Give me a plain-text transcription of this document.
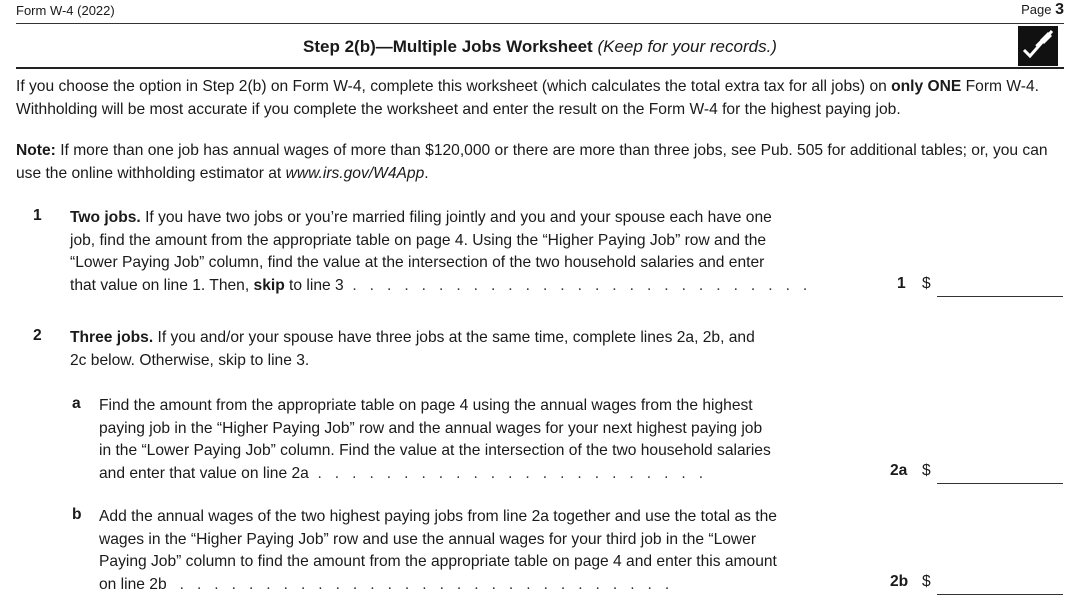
Form W-4 (2022)	Page 3
Step 2(b)—Multiple Jobs Worksheet (Keep for your records.)
If you choose the option in Step 2(b) on Form W-4, complete this worksheet (which calculates the total extra tax for all jobs) on only ONE Form W-4. Withholding will be most accurate if you complete the worksheet and enter the result on the Form W-4 for the highest paying job.
Note: If more than one job has annual wages of more than $120,000 or there are more than three jobs, see Pub. 505 for additional tables; or, you can use the online withholding estimator at www.irs.gov/W4App.
1 Two jobs. If you have two jobs or you’re married filing jointly and you and your spouse each have one
job, find the amount from the appropriate table on page 4. Using the “Higher Paying Job” row and the
“Lower Paying Job” column, find the value at the intersection of the two household salaries and enter
that value on line 1. Then, skip to line 3  .   .   .   .   .   .   .   .   .   .   .   .   .   .   .   .   .   .   .   .   .   .   .   .   .   .   .	1 $
2 Three jobs. If you and/or your spouse have three jobs at the same time, complete lines 2a, 2b, and
2c below. Otherwise, skip to line 3.
a Find the amount from the appropriate table on page 4 using the annual wages from the highest
paying job in the “Higher Paying Job” row and the annual wages for your next highest paying job
in the “Lower Paying Job” column. Find the value at the intersection of the two household salaries
and enter that value on line 2a  .   .   .   .   .   .   .   .   .   .   .   .   .   .   .   .   .   .   .   .   .   .   .	2a $
b Add the annual wages of the two highest paying jobs from line 2a together and use the total as the
wages in the “Higher Paying Job” row and use the annual wages for your third job in the “Lower
Paying Job” column to find the amount from the appropriate table on page 4 and enter this amount
on line 2b   .   .   .   .   .   .   .   .   .   .   .   .   .   .   .   .   .   .   .   .   .   .   .   .   .   .   .   .   .	2b $
